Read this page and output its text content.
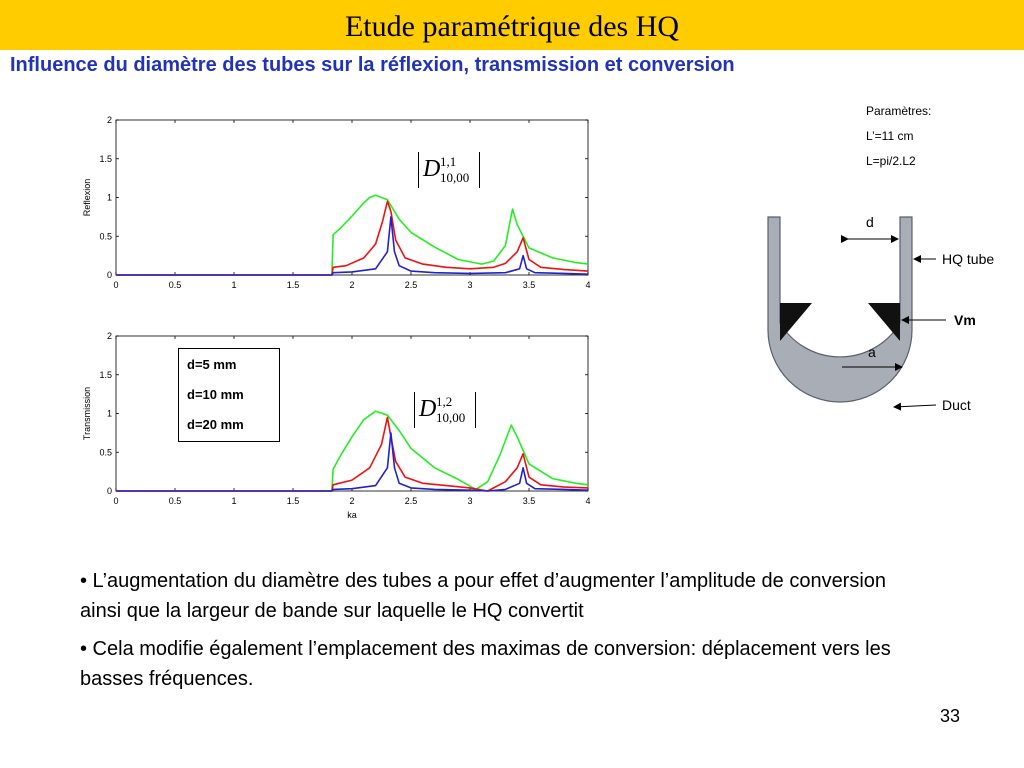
Etude paramétrique des HQ
Influence du diamètre des tubes sur la réflexion, transmission et conversion
0	0.5	1	1.5	2	2.5	3	3.5	4
0
0.5
1
1.5
2
Reflexion
0	0.5	1	1.5	2	2.5	3	3.5	4
0
0.5
1
1.5
2
Transmission
ka
D 1,1
10,00
D 1,2
10,00
d=5 mm
d=10 mm
d=20 mm
Paramètres:
L’=11 cm
L=pi/2.L2
d
a
HQ tube
Vm
Duct

• L’augmentation du diamètre des tubes a pour effet d’augmenter l’amplitude de conversion ainsi que la largeur de bande sur laquelle le HQ convertit

• Cela modifie également l’emplacement des maximas de conversion: déplacement vers les basses fréquences.

33
